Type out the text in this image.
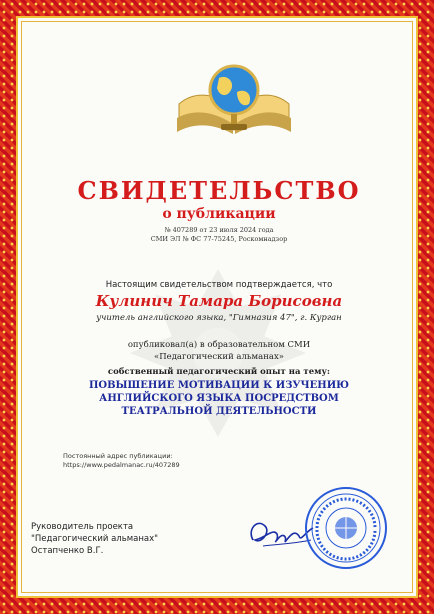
СВИДЕТЕЛЬСТВО
о публикации
№ 407289 от 23 июля 2024 года
СМИ ЭЛ № ФС 77-75245, Роскомнадзор
Настоящим свидетельством подтверждается, что
Кулинич Тамара Борисовна
учитель английского языка, "Гимназия 47", г. Курган
опубликовал(а) в образовательном СМИ
«Педагогический альманах»
собственный педагогический опыт на тему:
ПОВЫШЕНИЕ МОТИВАЦИИ К ИЗУЧЕНИЮ
АНГЛИЙСКОГО ЯЗЫКА ПОСРЕДСТВОМ
ТЕАТРАЛЬНОЙ ДЕЯТЕЛЬНОСТИ
Постоянный адрес публикации:
https://www.pedalmanac.ru/407289
Руководитель проекта
"Педагогический альманах"
Остапченко В.Г.
